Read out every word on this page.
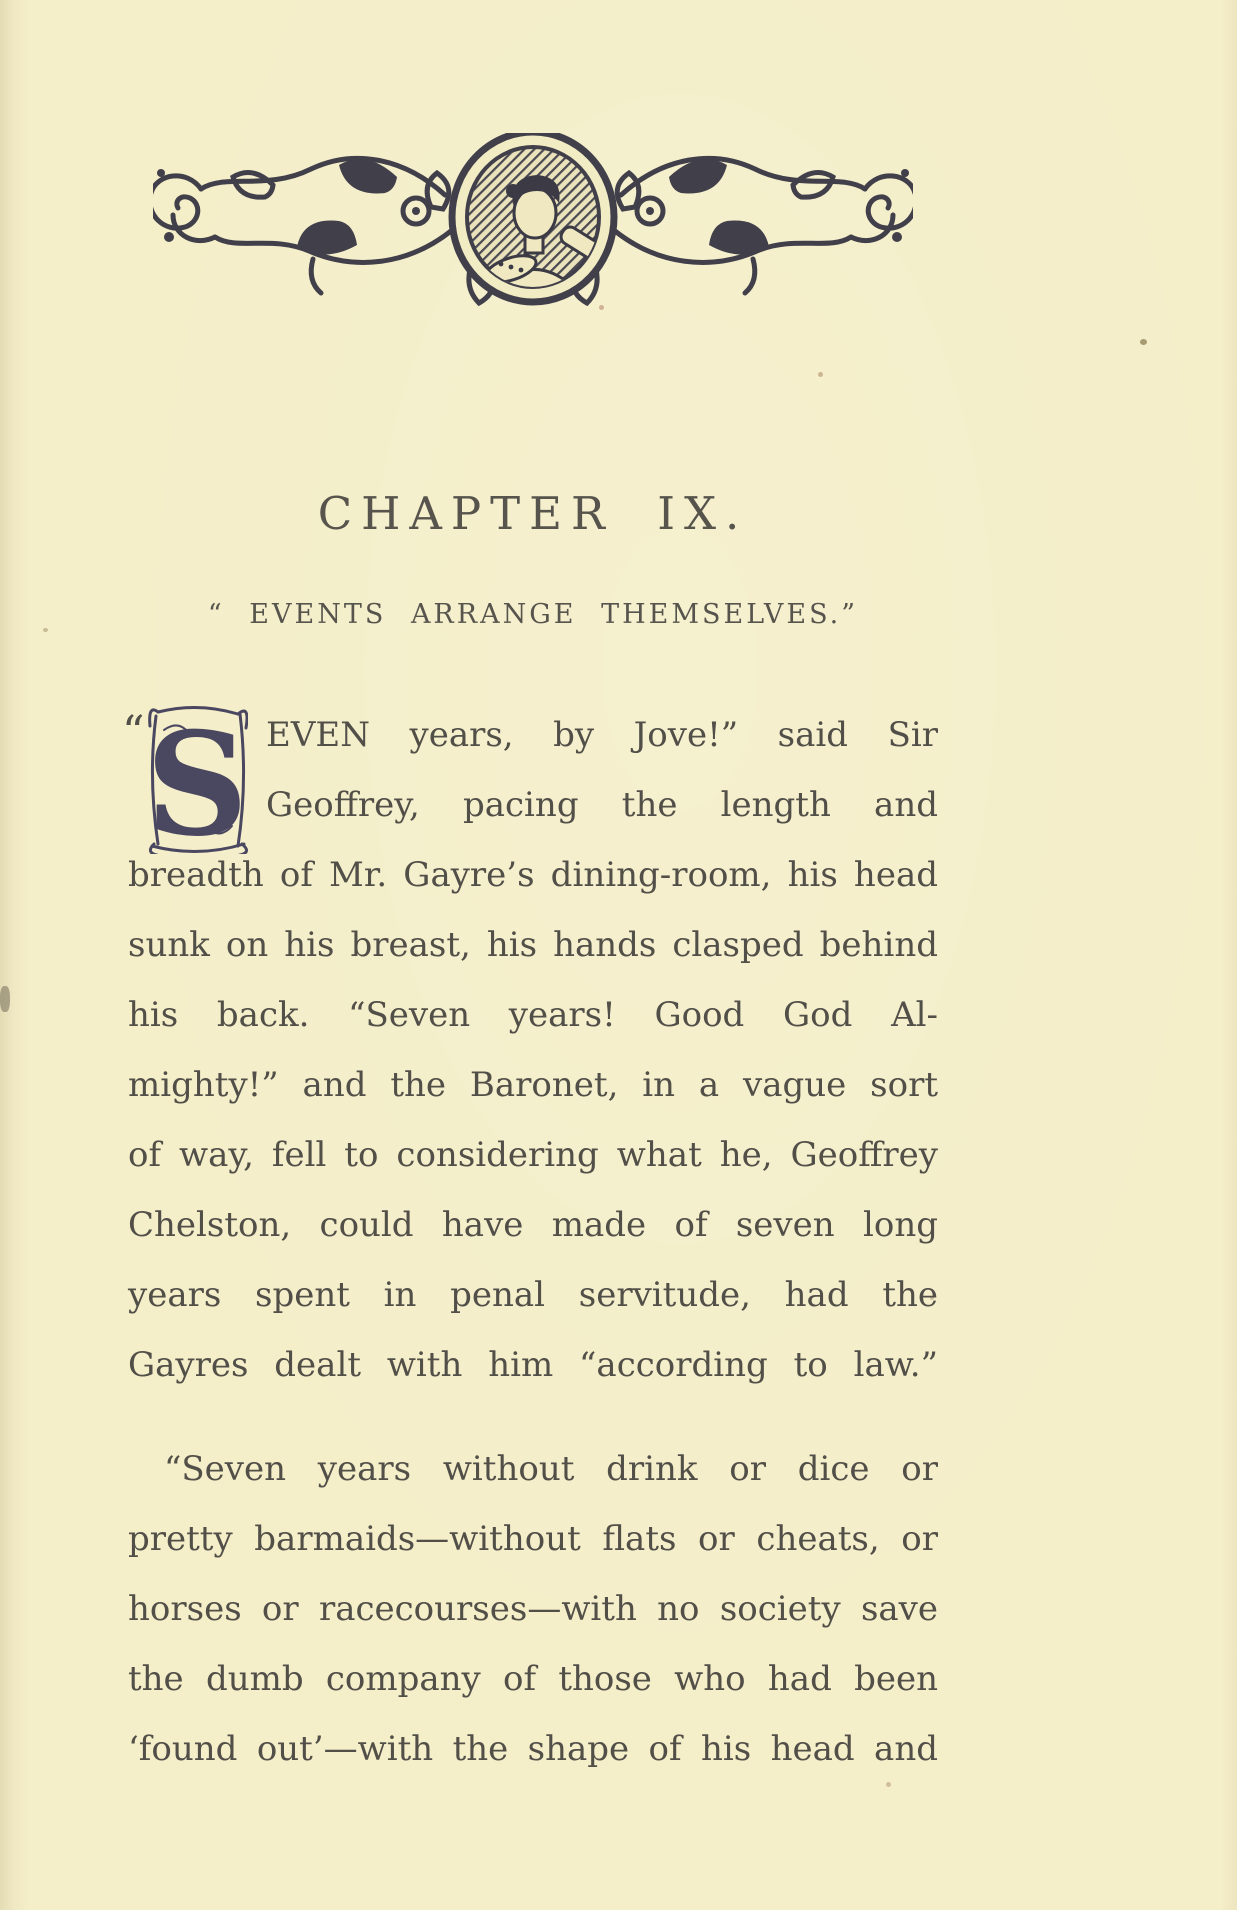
CHAPTER IX.
“ EVENTS ARRANGE THEMSELVES.”
“ S EVEN years, by Jove!” said Sir
Geoffrey, pacing the length and
breadth of Mr. Gayre’s dining-room, his head
sunk on his breast, his hands clasped behind
his back. “Seven years! Good God Al-
mighty!” and the Baronet, in a vague sort
of way, fell to considering what he, Geoffrey
Chelston, could have made of seven long
years spent in penal servitude, had the
Gayres dealt with him “according to law.”
“Seven years without drink or dice or
pretty barmaids—without flats or cheats, or
horses or racecourses—with no society save
the dumb company of those who had been
‘found out’—with the shape of his head and
